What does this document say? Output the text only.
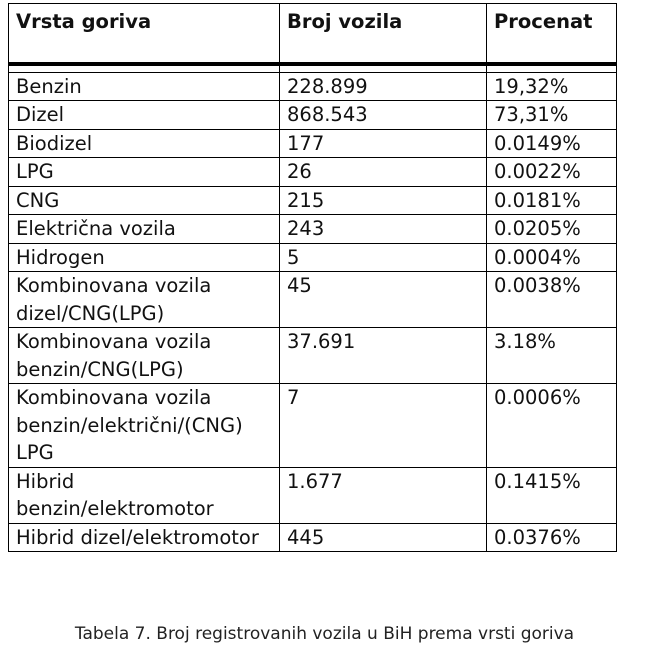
Vrsta goriva	Broj vozila	Procenat

Benzin	228.899	19,32%
Dizel	868.543	73,31%
Biodizel	177	0.0149%
LPG	26	0.0022%
CNG	215	0.0181%
Električna vozila	243	0.0205%
Hidrogen	5	0.0004%
Kombinovana vozila dizel/CNG(LPG)	45	0.0038%
Kombinovana vozila benzin/CNG(LPG)	37.691	3.18%
Kombinovana vozila benzin/električni/(CNG) LPG	7	0.0006%
Hibrid benzin/elektromotor	1.677	0.1415%
Hibrid dizel/elektromotor	445	0.0376%
Tabela 7. Broj registrovanih vozila u BiH prema vrsti goriva
